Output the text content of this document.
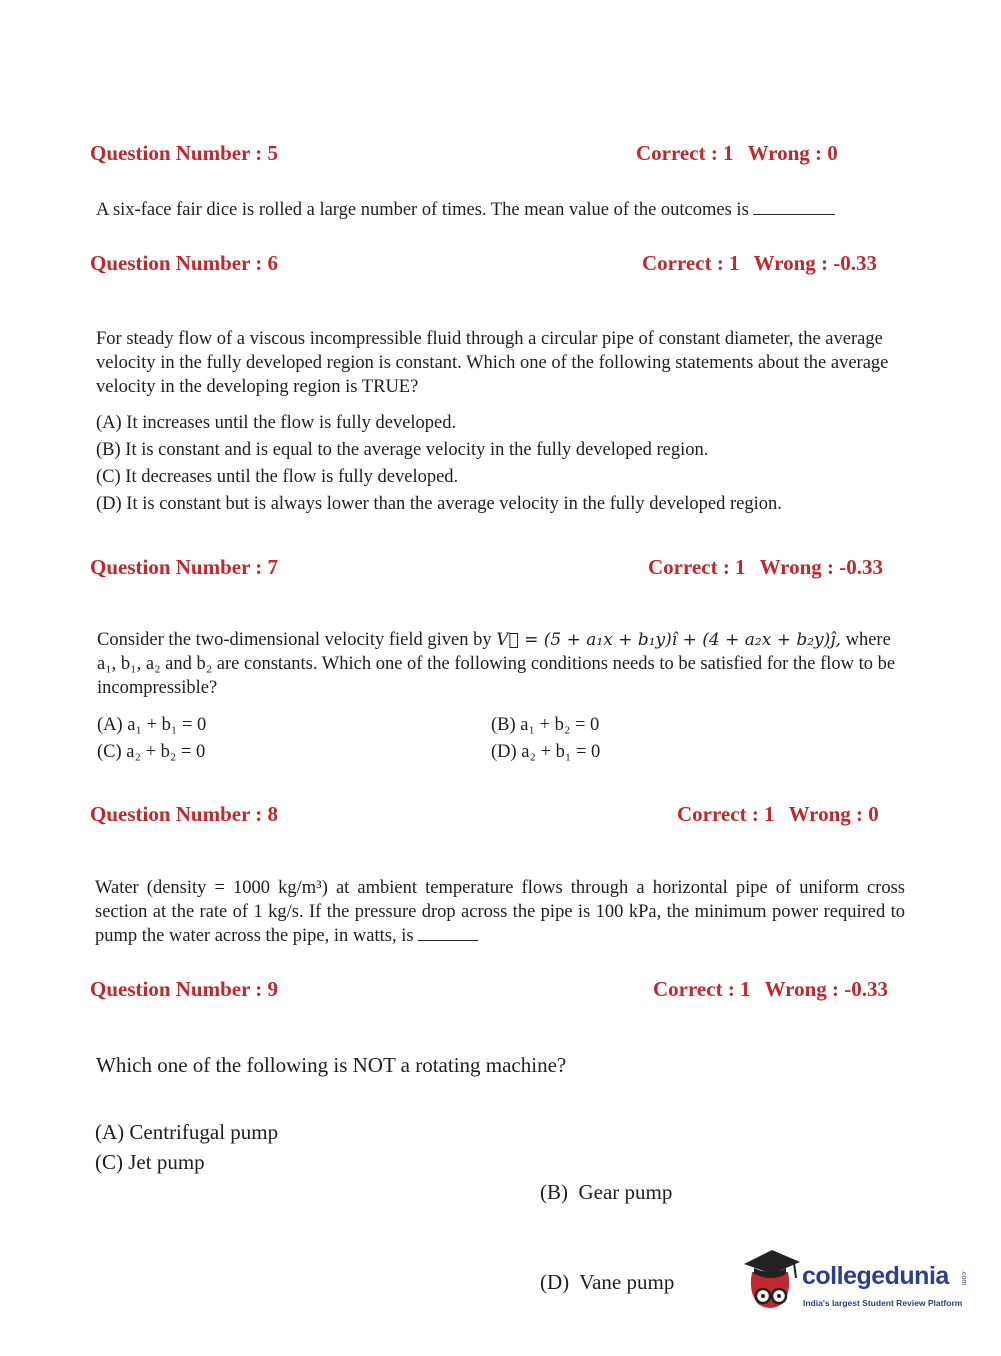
Question Number : 5	Correct : 1 Wrong : 0
A six-face fair dice is rolled a large number of times. The mean value of the outcomes is
Question Number : 6	Correct : 1 Wrong : -0.33
For steady flow of a viscous incompressible fluid through a circular pipe of constant diameter, the average velocity in the fully developed region is constant. Which one of the following statements about the average velocity in the developing region is TRUE?
(A) It increases until the flow is fully developed.
(B) It is constant and is equal to the average velocity in the fully developed region.
(C) It decreases until the flow is fully developed.
(D) It is constant but is always lower than the average velocity in the fully developed region.
Question Number : 7	Correct : 1 Wrong : -0.33
Consider the two-dimensional velocity field given by V⃗ = (5 + a₁x + b₁y)î + (4 + a₂x + b₂y)ĵ, where a₁, b₁, a₂ and b₂ are constants. Which one of the following conditions needs to be satisfied for the flow to be incompressible?
(A) a₁ + b₁ = 0
(C) a₂ + b₂ = 0
(B) a₁ + b₂ = 0
(D) a₂ + b₁ = 0
Question Number : 8	Correct : 1 Wrong : 0
Water (density = 1000 kg/m³) at ambient temperature flows through a horizontal pipe of uniform cross section at the rate of 1 kg/s. If the pressure drop across the pipe is 100 kPa, the minimum power required to pump the water across the pipe, in watts, is
Question Number : 9	Correct : 1 Wrong : -0.33
Which one of the following is NOT a rotating machine?
(A) Centrifugal pump
(C) Jet pump

(B)  Gear pump

(D)  Vane pump	collegedunia .com
India's largest Student Review Platform
